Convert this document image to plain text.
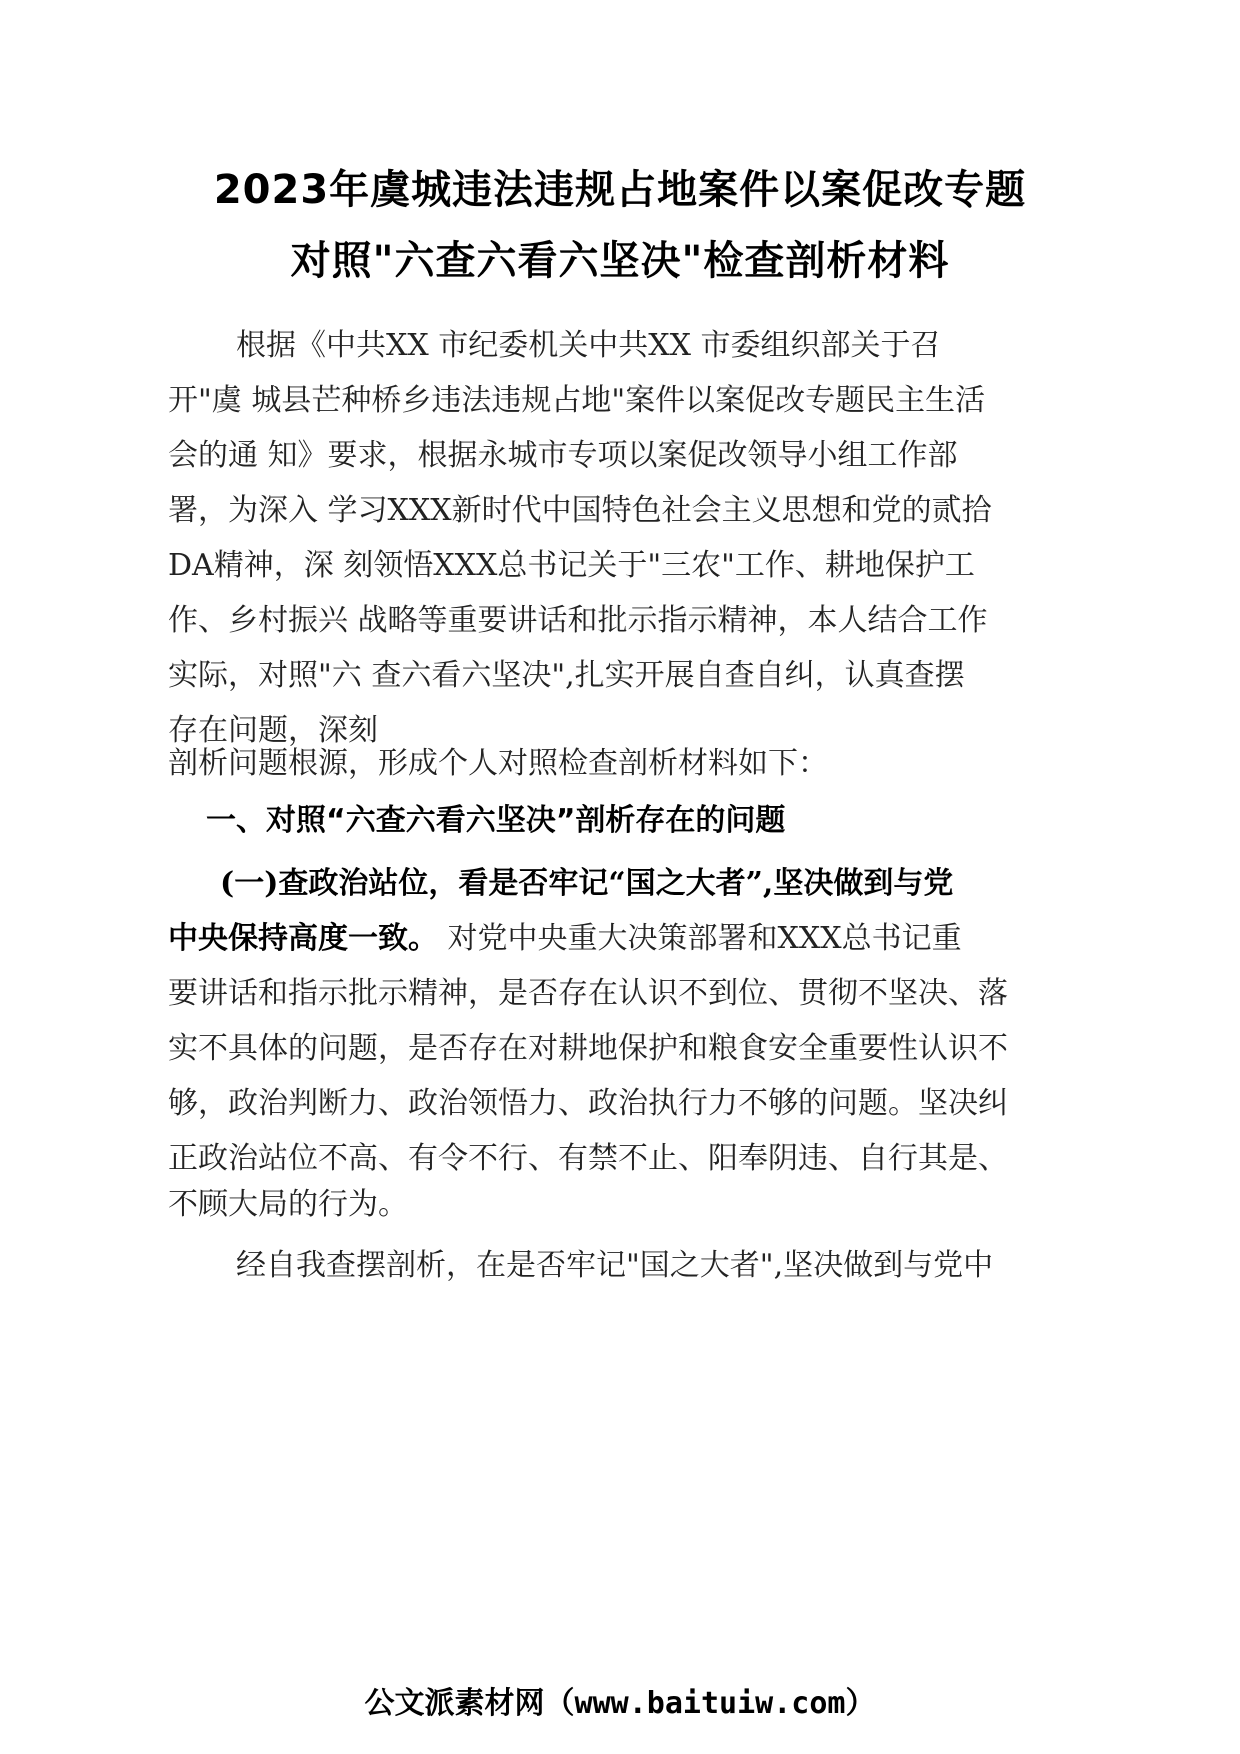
2023年虞城违法违规占地案件以案促改专题
对照"六查六看六坚决"检查剖析材料
根据《中共XX 市纪委机关中共XX 市委组织部关于召
开"虞 城县芒种桥乡违法违规占地"案件以案促改专题民主生活
会的通 知》要求，根据永城市专项以案促改领导小组工作部
署，为深入 学习XXX新时代中国特色社会主义思想和党的贰拾
DA精神，深 刻领悟XXX总书记关于"三农"工作、耕地保护工
作、乡村振兴 战略等重要讲话和批示指示精神，本人结合工作
实际，对照"六 查六看六坚决",扎实开展自查自纠，认真查摆
存在问题，深刻
剖析问题根源，形成个人对照检查剖析材料如下：
一、对照“六查六看六坚决”剖析存在的问题
(一)查政治站位，看是否牢记“国之大者”,坚决做到与党
中央保持高度一致。 对党中央重大决策部署和XXX总书记重
要讲话和指示批示精神，是否存在认识不到位、贯彻不坚决、落
实不具体的问题，是否存在对耕地保护和粮食安全重要性认识不
够，政治判断力、政治领悟力、政治执行力不够的问题。坚决纠
正政治站位不高、有令不行、有禁不止、阳奉阴违、自行其是、
不顾大局的行为。
经自我查摆剖析，在是否牢记"国之大者",坚决做到与党中
公文派素材网（www.baituiw.com）
